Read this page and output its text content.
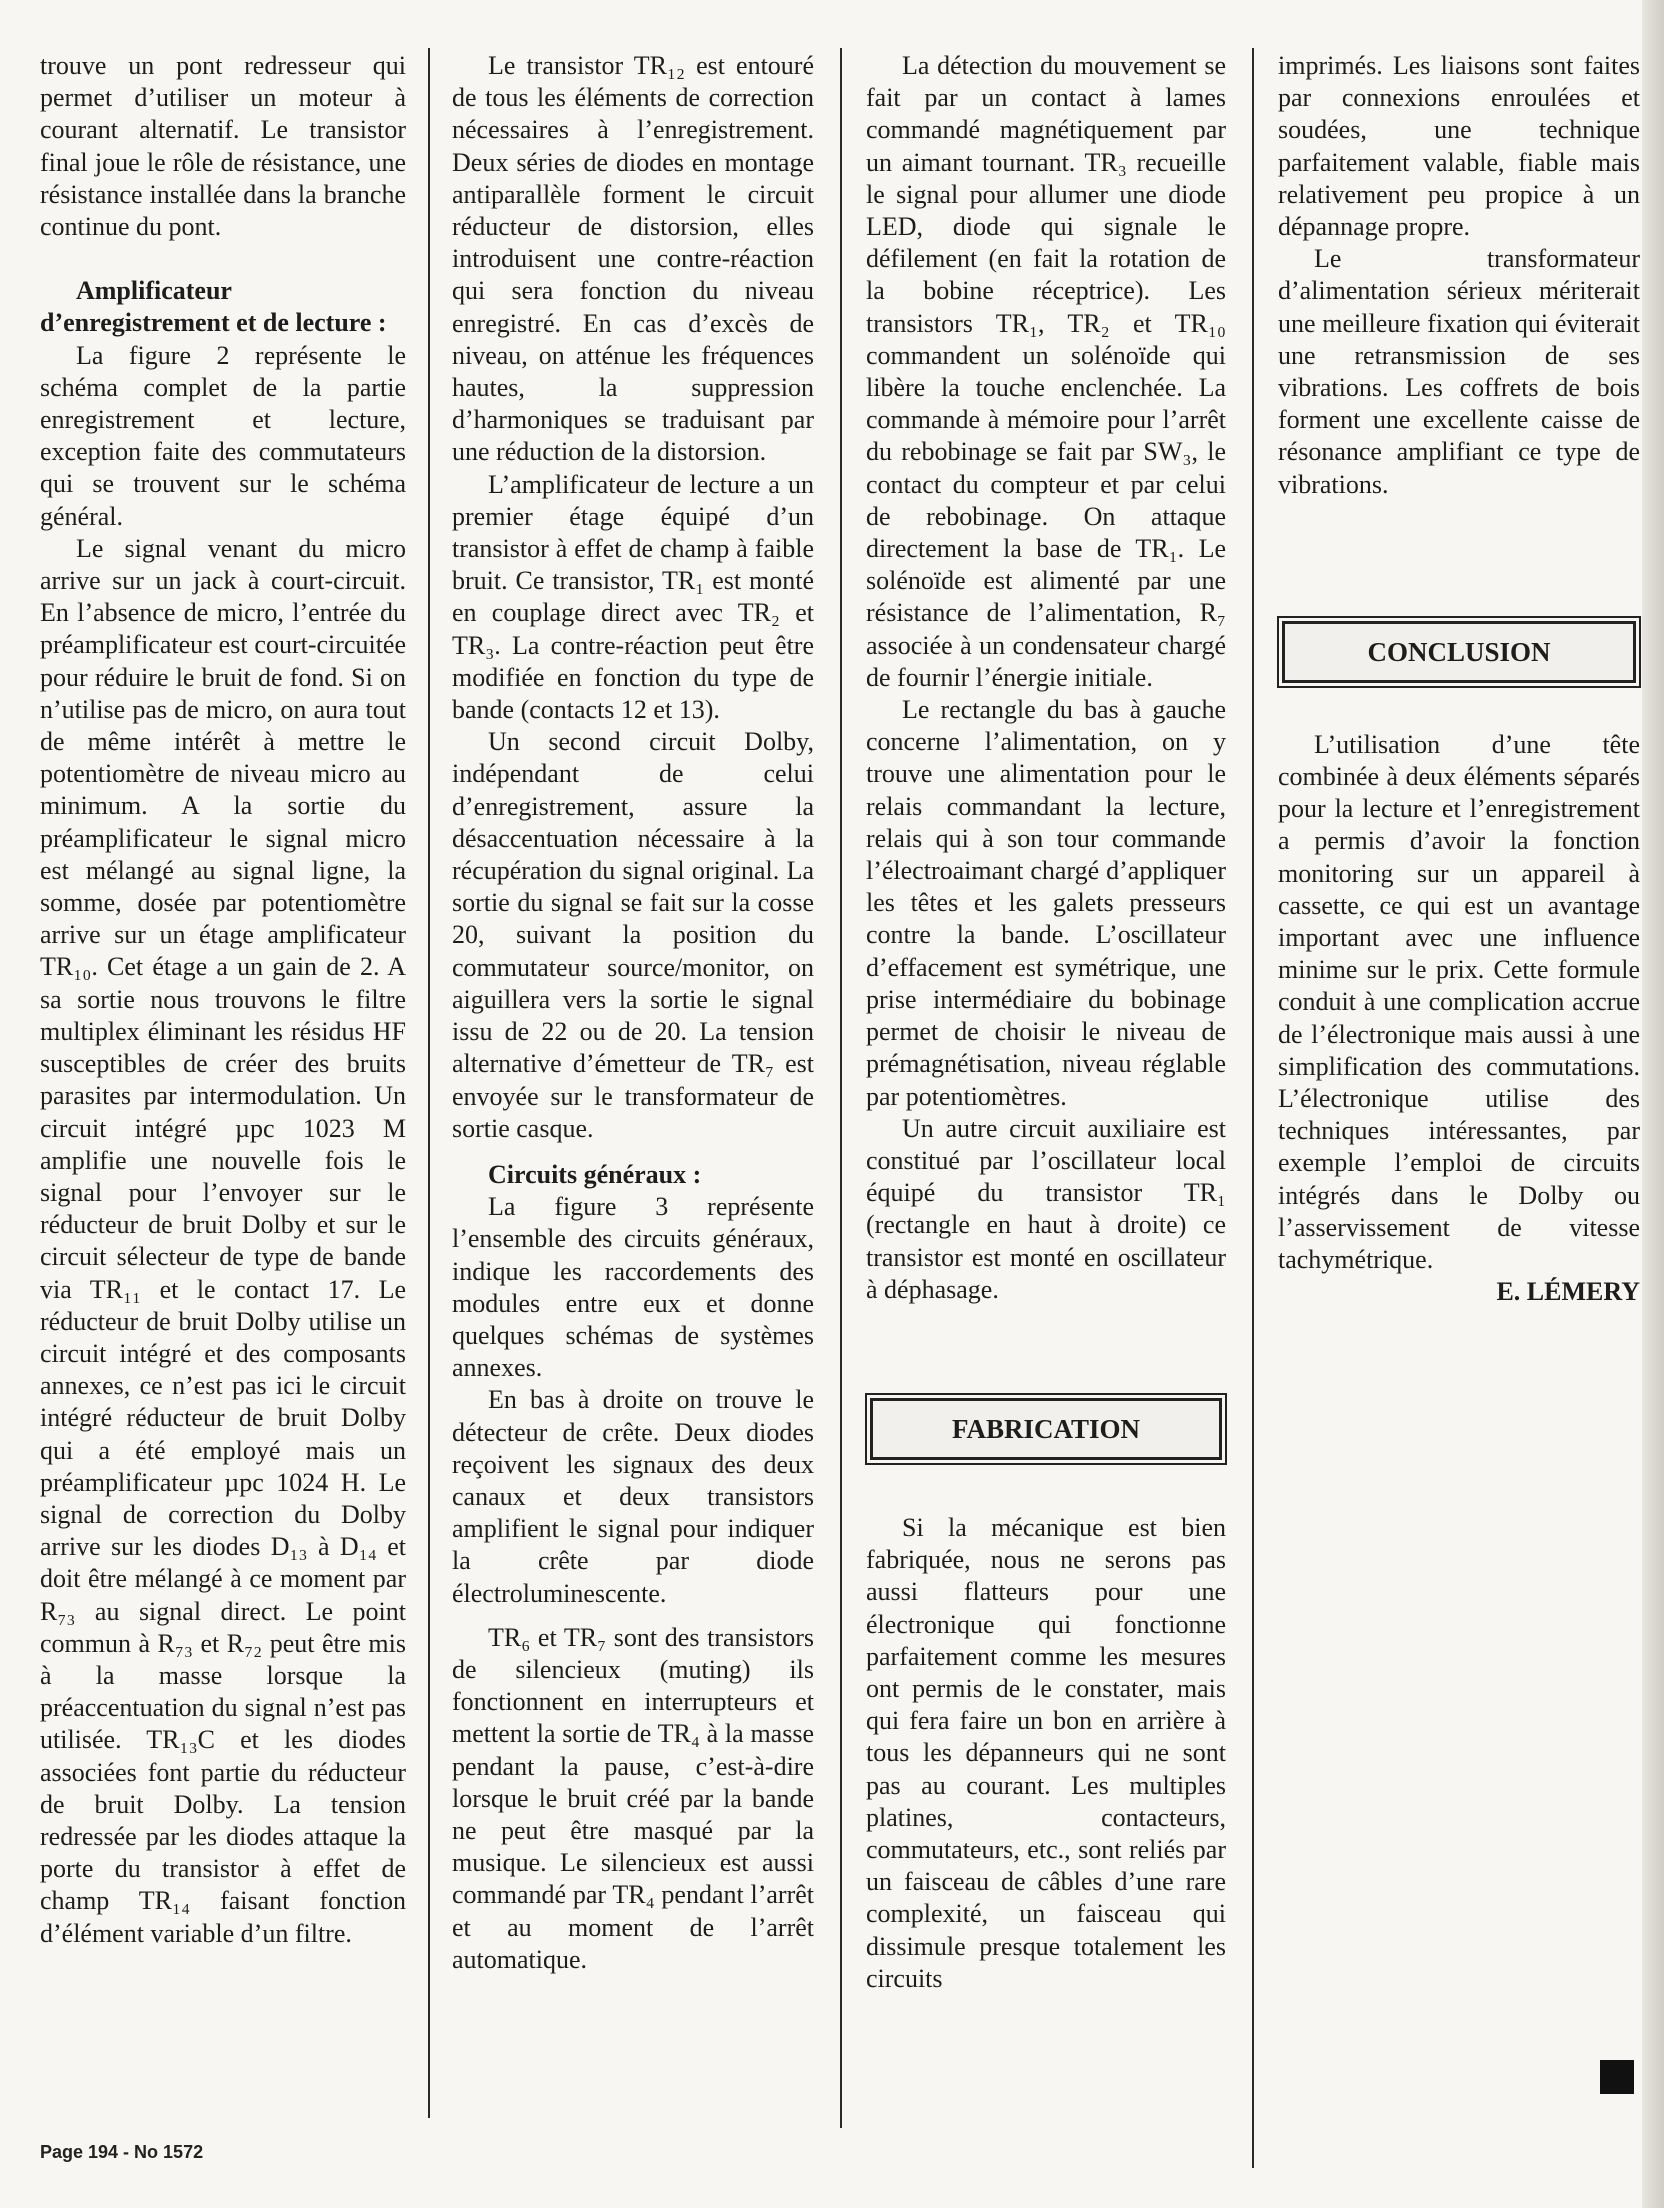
trouve un pont redresseur qui permet d’utiliser un moteur à courant alternatif. Le transistor final joue le rôle de résistance, une résistance installée dans la branche continue du pont.

Amplificateur d’enregistrement et de lecture :

La figure 2 représente le schéma complet de la partie enregistrement et lecture, exception faite des commutateurs qui se trouvent sur le schéma général.

Le signal venant du micro arrive sur un jack à court-circuit. En l’absence de micro, l’entrée du préamplificateur est court-circuitée pour réduire le bruit de fond. Si on n’utilise pas de micro, on aura tout de même intérêt à mettre le potentiomètre de niveau micro au minimum. A la sortie du préamplificateur le signal micro est mélangé au signal ligne, la somme, dosée par potentiomètre arrive sur un étage amplificateur TR₁₀. Cet étage a un gain de 2. A sa sortie nous trouvons le filtre multiplex éliminant les résidus HF susceptibles de créer des bruits parasites par intermodulation. Un circuit intégré µpc 1023 M amplifie une nouvelle fois le signal pour l’envoyer sur le réducteur de bruit Dolby et sur le circuit sélecteur de type de bande via TR₁₁ et le contact 17. Le réducteur de bruit Dolby utilise un circuit intégré et des composants annexes, ce n’est pas ici le circuit intégré réducteur de bruit Dolby qui a été employé mais un préamplificateur µpc 1024 H. Le signal de correction du Dolby arrive sur les diodes D₁₃ à D₁₄ et doit être mélangé à ce moment par R₇₃ au signal direct. Le point commun à R₇₃ et R₇₂ peut être mis à la masse lorsque la préaccentuation du signal n’est pas utilisée. TR₁₃C et les diodes associées font partie du réducteur de bruit Dolby. La tension redressée par les diodes attaque la porte du transistor à effet de champ TR₁₄ faisant fonction d’élément variable d’un filtre.

Le transistor TR₁₂ est entouré de tous les éléments de correction nécessaires à l’enregistrement. Deux séries de diodes en montage antiparallèle forment le circuit réducteur de distorsion, elles introduisent une contre-réaction qui sera fonction du niveau enregistré. En cas d’excès de niveau, on atténue les fréquences hautes, la suppression d’harmoniques se traduisant par une réduction de la distorsion.

L’amplificateur de lecture a un premier étage équipé d’un transistor à effet de champ à faible bruit. Ce transistor, TR₁ est monté en couplage direct avec TR₂ et TR₃. La contre-réaction peut être modifiée en fonction du type de bande (contacts 12 et 13).

Un second circuit Dolby, indépendant de celui d’enregistrement, assure la désaccentuation nécessaire à la récupération du signal original. La sortie du signal se fait sur la cosse 20, suivant la position du commutateur source/monitor, on aiguillera vers la sortie le signal issu de 22 ou de 20. La tension alternative d’émetteur de TR₇ est envoyée sur le transformateur de sortie casque.

Circuits généraux :

La figure 3 représente l’ensemble des circuits généraux, indique les raccordements des modules entre eux et donne quelques schémas de systèmes annexes.

En bas à droite on trouve le détecteur de crête. Deux diodes reçoivent les signaux des deux canaux et deux transistors amplifient le signal pour indiquer la crête par diode électroluminescente.

TR₆ et TR₇ sont des transistors de silencieux (muting) ils fonctionnent en interrupteurs et mettent la sortie de TR₄ à la masse pendant la pause, c’est-à-dire lorsque le bruit créé par la bande ne peut être masqué par la musique. Le silencieux est aussi commandé par TR₄ pendant l’arrêt et au moment de l’arrêt automatique.

La détection du mouvement se fait par un contact à lames commandé magnétiquement par un aimant tournant. TR₃ recueille le signal pour allumer une diode LED, diode qui signale le défilement (en fait la rotation de la bobine réceptrice). Les transistors TR₁, TR₂ et TR₁₀ commandent un solénoïde qui libère la touche enclenchée. La commande à mémoire pour l’arrêt du rebobinage se fait par SW₃, le contact du compteur et par celui de rebobinage. On attaque directement la base de TR₁. Le solénoïde est alimenté par une résistance de l’alimentation, R₇ associée à un condensateur chargé de fournir l’énergie initiale.

Le rectangle du bas à gauche concerne l’alimentation, on y trouve une alimentation pour le relais commandant la lecture, relais qui à son tour commande l’électroaimant chargé d’appliquer les têtes et les galets presseurs contre la bande. L’oscillateur d’effacement est symétrique, une prise intermédiaire du bobinage permet de choisir le niveau de prémagnétisation, niveau réglable par potentiomètres.

Un autre circuit auxiliaire est constitué par l’oscillateur local équipé du transistor TR₁ (rectangle en haut à droite) ce transistor est monté en oscillateur à déphasage.

FABRICATION

Si la mécanique est bien fabriquée, nous ne serons pas aussi flatteurs pour une électronique qui fonctionne parfaitement comme les mesures ont permis de le constater, mais qui fera faire un bon en arrière à tous les dépanneurs qui ne sont pas au courant. Les multiples platines, contacteurs, commutateurs, etc., sont reliés par un faisceau de câbles d’une rare complexité, un faisceau qui dissimule presque totalement les circuits

imprimés. Les liaisons sont faites par connexions enroulées et soudées, une technique parfaitement valable, fiable mais relativement peu propice à un dépannage propre.

Le transformateur d’alimentation sérieux mériterait une meilleure fixation qui éviterait une retransmission de ses vibrations. Les coffrets de bois forment une excellente caisse de résonance amplifiant ce type de vibrations.

CONCLUSION

L’utilisation d’une tête combinée à deux éléments séparés pour la lecture et l’enregistrement a permis d’avoir la fonction monitoring sur un appareil à cassette, ce qui est un avantage important avec une influence minime sur le prix. Cette formule conduit à une complication accrue de l’électronique mais aussi à une simplification des commutations. L’électronique utilise des techniques intéressantes, par exemple l’emploi de circuits intégrés dans le Dolby ou l’asservissement de vitesse tachymétrique.

E. LÉMERY

Page 194 - No 1572
